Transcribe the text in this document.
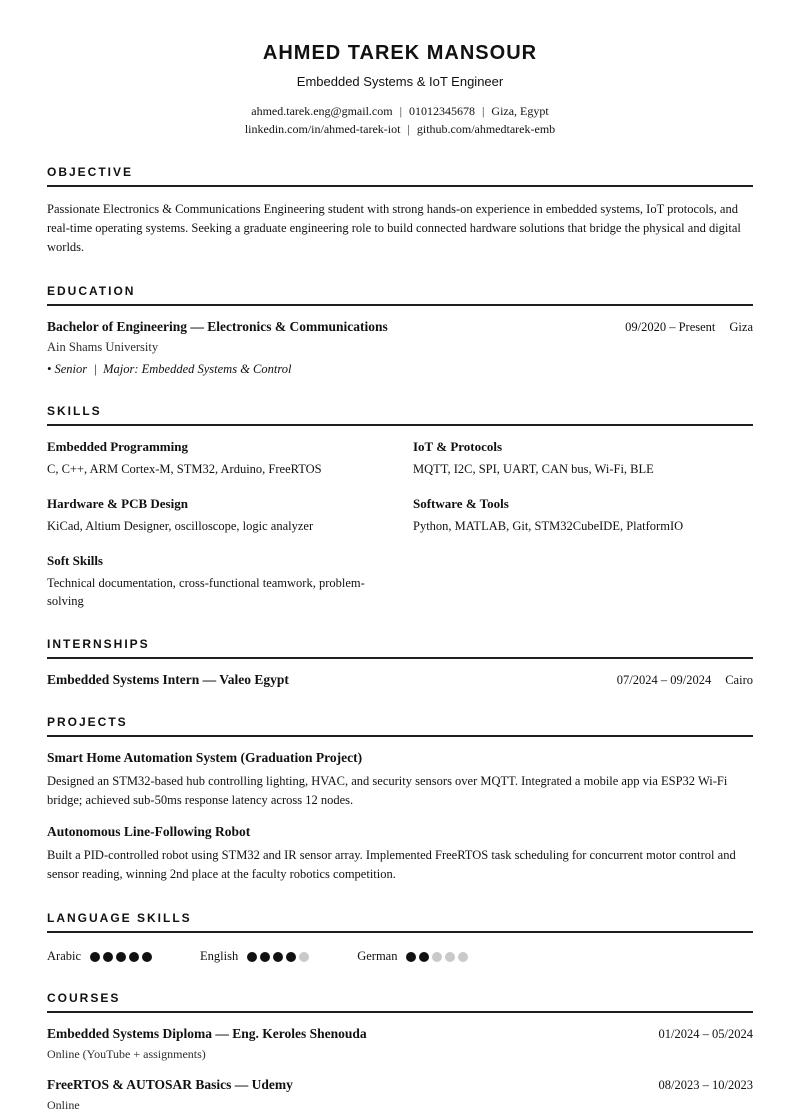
AHMED TAREK MANSOUR
Embedded Systems & IoT Engineer
ahmed.tarek.eng@gmail.com | 01012345678 | Giza, Egypt
linkedin.com/in/ahmed-tarek-iot | github.com/ahmedtarek-emb
OBJECTIVE

Passionate Electronics & Communications Engineering student with strong hands-on experience in embedded systems, IoT protocols, and real-time operating systems. Seeking a graduate engineering role to build connected hardware solutions that bridge the physical and digital worlds.

EDUCATION
Bachelor of Engineering — Electronics & Communications	09/2020 – Present Giza
Ain Shams University
• Senior  |  Major: Embedded Systems & Control
SKILLS
Embedded Programming
C, C++, ARM Cortex-M, STM32, Arduino, FreeRTOS
IoT & Protocols
MQTT, I2C, SPI, UART, CAN bus, Wi-Fi, BLE
Hardware & PCB Design
KiCad, Altium Designer, oscilloscope, logic analyzer
Software & Tools
Python, MATLAB, Git, STM32CubeIDE, PlatformIO
Soft Skills
Technical documentation, cross-functional teamwork, problem-solving
INTERNSHIPS
Embedded Systems Intern — Valeo Egypt	07/2024 – 09/2024 Cairo
PROJECTS
Smart Home Automation System (Graduation Project)
Designed an STM32-based hub controlling lighting, HVAC, and security sensors over MQTT. Integrated a mobile app via ESP32 Wi-Fi bridge; achieved sub-50ms response latency across 12 nodes.
Autonomous Line-Following Robot
Built a PID-controlled robot using STM32 and IR sensor array. Implemented FreeRTOS task scheduling for concurrent motor control and sensor reading, winning 2nd place at the faculty robotics competition.
LANGUAGE SKILLS
Arabic	English	German
COURSES
Embedded Systems Diploma — Eng. Keroles Shenouda	01/2024 – 05/2024
Online (YouTube + assignments)
FreeRTOS & AUTOSAR Basics — Udemy	08/2023 – 10/2023
Online
